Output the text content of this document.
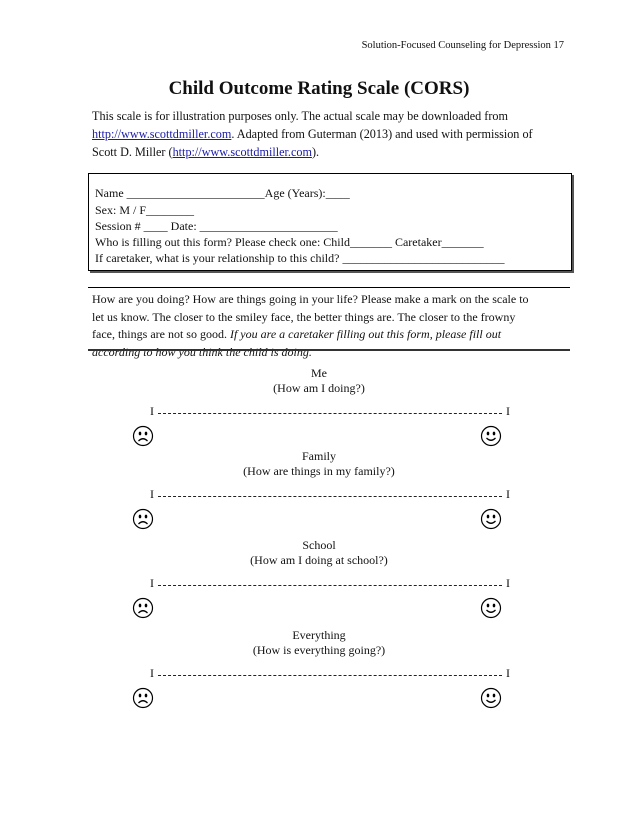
Solution-Focused Counseling for Depression 17
Child Outcome Rating Scale (CORS)
This scale is for illustration purposes only. The actual scale may be downloaded from
http://www.scottdmiller.com. Adapted from Guterman (2013) and used with permission of
Scott D. Miller (http://www.scottdmiller.com).
Name _______________________Age (Years):____
Sex: M / F________
Session # ____ Date: _______________________
Who is filling out this form? Please check one: Child_______ Caretaker_______
If caretaker, what is your relationship to this child? ___________________________
How are you doing? How are things going in your life? Please make a mark on the scale to
let us know. The closer to the smiley face, the better things are. The closer to the frowny
face, things are not so good. If you are a caretaker filling out this form, please fill out
according to how you think the child is doing.
Me
(How am I doing?)
I	I
Family
(How are things in my family?)
I	I
School
(How am I doing at school?)
I	I
Everything
(How is everything going?)
I	I
